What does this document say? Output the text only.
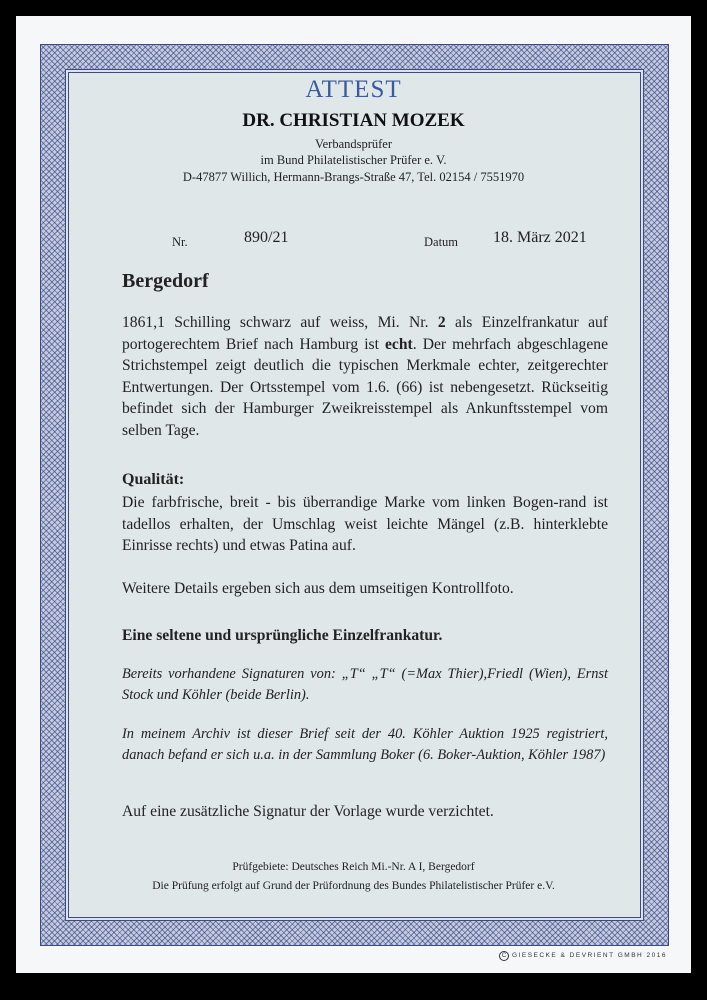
ATTEST
DR. CHRISTIAN MOZEK
Verbandsprüfer
im Bund Philatelistischer Prüfer e. V.
D-47877 Willich, Hermann-Brangs-Straße 47, Tel. 02154 / 7551970
Nr.	890/21	Datum 18. März 2021
Bergedorf
1861,1 Schilling schwarz auf weiss, Mi. Nr. 2 als Einzelfrankatur auf portogerechtem Brief nach Hamburg ist echt. Der mehrfach abgeschlagene Strichstempel zeigt deutlich die typischen Merkmale echter, zeitgerechter Entwertungen. Der Ortsstempel vom 1.6. (66) ist nebengesetzt. Rückseitig befindet sich der Hamburger Zweikreisstempel als Ankunftsstempel vom selben Tage.
Qualität:
Die farbfrische, breit - bis überrandige Marke vom linken Bogen-rand ist tadellos erhalten, der Umschlag weist leichte Mängel (z.B. hinterklebte Einrisse rechts) und etwas Patina auf.
Weitere Details ergeben sich aus dem umseitigen Kontrollfoto.
Eine seltene und ursprüngliche Einzelfrankatur.
Bereits vorhandene Signaturen von: „T“ „T“ (=Max Thier),Friedl (Wien), Ernst Stock und Köhler (beide Berlin).
In meinem Archiv ist dieser Brief seit der 40. Köhler Auktion 1925 registriert, danach befand er sich u.a. in der Sammlung Boker (6. Boker-Auktion, Köhler 1987)
Auf eine zusätzliche Signatur der Vorlage wurde verzichtet.
Prüfgebiete: Deutsches Reich Mi.-Nr. A I, Bergedorf
Die Prüfung erfolgt auf Grund der Prüfordnung des Bundes Philatelistischer Prüfer e.V.
C GIESECKE & DEVRIENT GMBH 2016
